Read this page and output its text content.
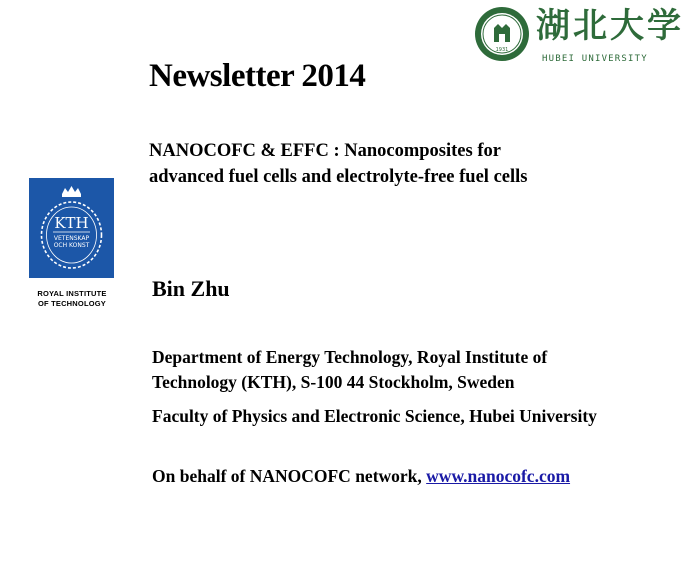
1931
湖北大学
HUBEI UNIVERSITY
KTH
VETENSKAP
OCH KONST
ROYAL INSTITUTE
OF TECHNOLOGY
Newsletter 2014
NANOCOFC & EFFC : Nanocomposites for
advanced fuel cells and electrolyte-free fuel cells
Bin Zhu
Department of Energy Technology, Royal Institute of
Technology (KTH), S-100 44 Stockholm, Sweden
Faculty of Physics and Electronic Science, Hubei University
On behalf of NANOCOFC network, www.nanocofc.com
